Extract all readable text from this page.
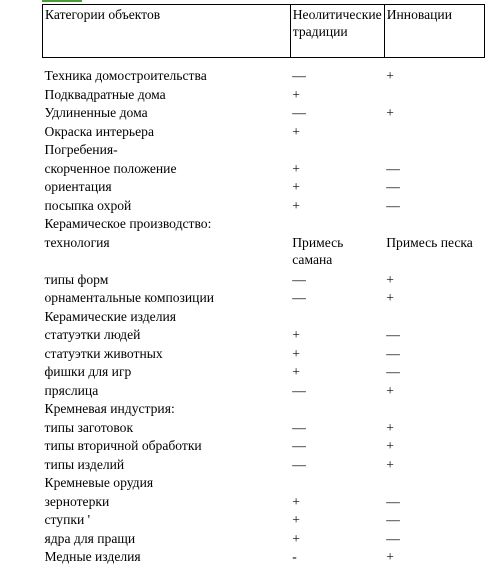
Категории объектов	Неолитические традиции	Инновации

Техника домостроительства	—	+
Подквадратные дома	+	
Удлиненные дома	—	+
Окраска интерьера	+	
Погребения-		
скорченное положение	+	—
ориентация	+	—
посыпка охрой	+	—
Керамическое производство:		
технология	Примесь самана	Примесь песка
типы форм	—	+
орнаментальные композиции	—	+
Керамические изделия		
статуэтки людей	+	—
статуэтки животных	+	—
фишки для игр	+	—
пряслица	—	+
Кремневая индустрия:		
типы заготовок	—	+
типы вторичной обработки	—	+
типы изделий	—	+
Кремневые орудия		
зернотерки	+	—
ступки '	+	—
ядра для пращи	+	—
Медные изделия	-	+
